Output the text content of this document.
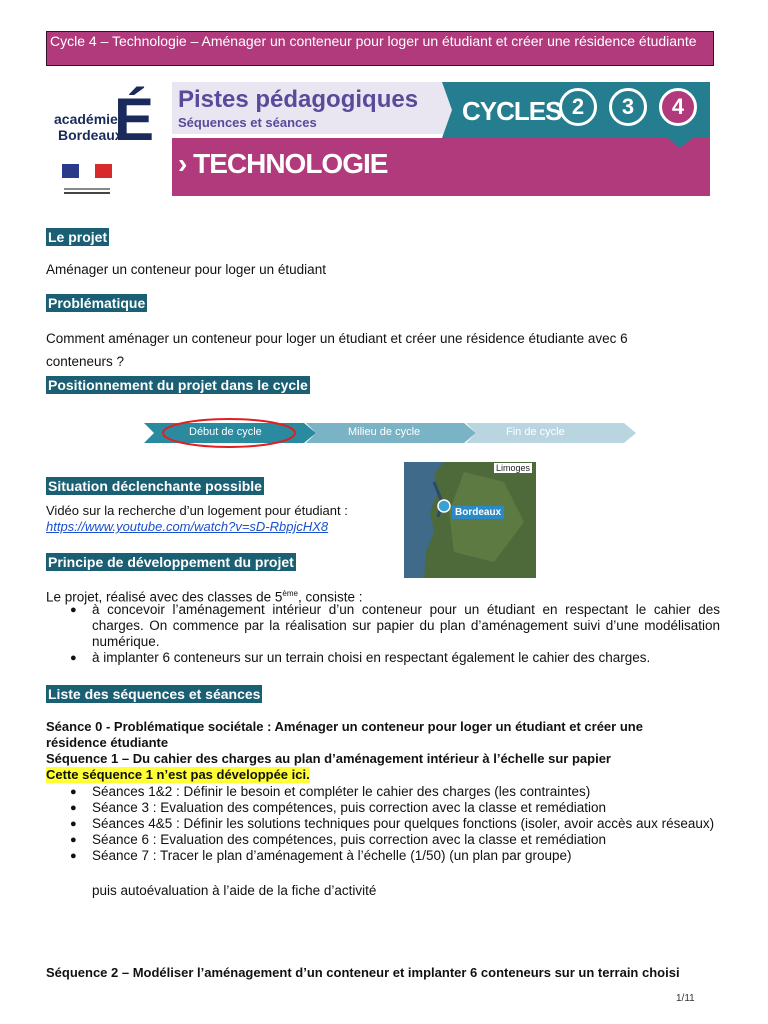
Cycle 4 – Technologie – Aménager un conteneur pour loger un étudiant et créer une résidence étudiante
académie
Bordeaux
É Pistes pédagogiques
Séquences et séances	CYCLES 2	3	4
› TECHNOLOGIE
Le projet
Aménager un conteneur pour loger un étudiant
Problématique
Comment aménager un conteneur pour loger un étudiant et créer une résidence étudiante avec 6 conteneurs ?
Positionnement du projet dans le cycle
Début de cycle	Milieu de cycle	Fin de cycle
Situation déclenchante possible
Vidéo sur la recherche d’un logement pour étudiant :
https://www.youtube.com/watch?v=sD-RbpjcHX8
Limoges
Bordeaux
Principe de développement du projet
Le projet, réalisé avec des classes de 5ème, consiste :
● à concevoir l’aménagement intérieur d’un conteneur pour un étudiant en respectant le cahier des charges. On commence par la réalisation sur papier du plan d’aménagement suivi d’une modélisation numérique.
● à implanter 6 conteneurs sur un terrain choisi en respectant également le cahier des charges.
Liste des séquences et séances
Séance 0 - Problématique sociétale : Aménager un conteneur pour loger un étudiant et créer une résidence étudiante
Séquence 1 – Du cahier des charges au plan d’aménagement intérieur à l’échelle sur papier
Cette séquence 1 n’est pas développée ici.
● Séances 1&2 : Définir le besoin et compléter le cahier des charges (les contraintes)
● Séance 3 : Evaluation des compétences, puis correction avec la classe et remédiation
● Séances 4&5 : Définir les solutions techniques pour quelques fonctions (isoler, avoir accès aux réseaux)
● Séance 6 : Evaluation des compétences, puis correction avec la classe et remédiation
● Séance 7 : Tracer le plan d’aménagement à l’échelle (1/50) (un plan par groupe)
puis autoévaluation à l’aide de la fiche d’activité
Séquence 2 – Modéliser l’aménagement d’un conteneur et implanter 6 conteneurs sur un terrain choisi
1/11
